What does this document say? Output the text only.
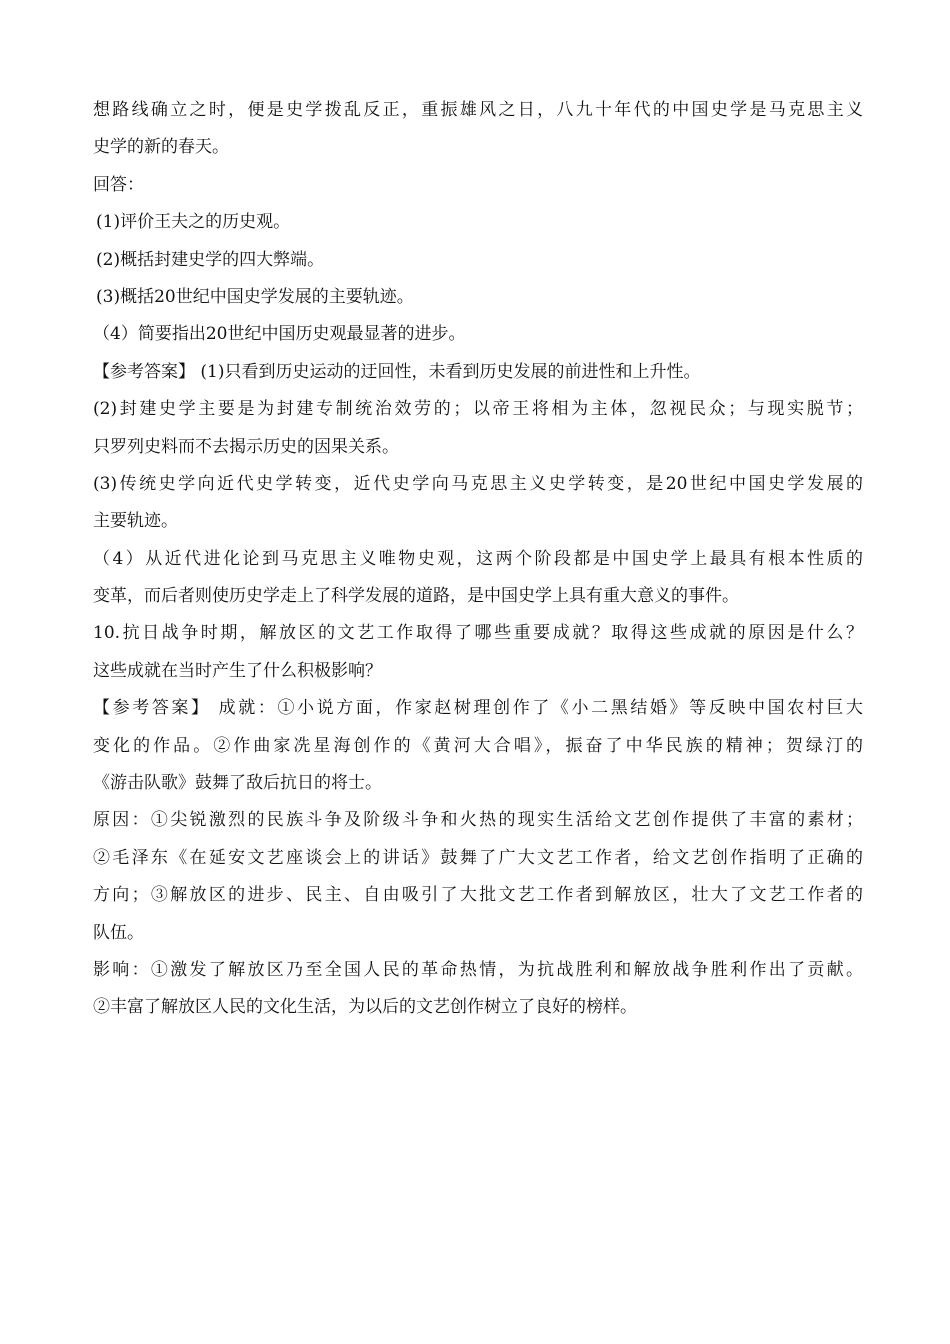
想路线确立之时，便是史学拨乱反正，重振雄风之日，八九十年代的中国史学是马克思主义
史学的新的春天。
回答：
(1)评价王夫之的历史观。
(2)概括封建史学的四大弊端。
(3)概括20世纪中国史学发展的主要轨迹。
（4）简要指出20世纪中国历史观最显著的进步。
【参考答案】 (1)只看到历史运动的迂回性，未看到历史发展的前进性和上升性。
(2)封建史学主要是为封建专制统治效劳的；以帝王将相为主体，忽视民众；与现实脱节；
只罗列史料而不去揭示历史的因果关系。
(3)传统史学向近代史学转变，近代史学向马克思主义史学转变，是20世纪中国史学发展的
主要轨迹。
（4）从近代进化论到马克思主义唯物史观，这两个阶段都是中国史学上最具有根本性质的
变革，而后者则使历史学走上了科学发展的道路，是中国史学上具有重大意义的事件。
10.抗日战争时期，解放区的文艺工作取得了哪些重要成就？取得这些成就的原因是什么？
这些成就在当时产生了什么积极影响？
【参考答案】 成就：①小说方面，作家赵树理创作了《小二黑结婚》等反映中国农村巨大
变化的作品。②作曲家冼星海创作的《黄河大合唱》，振奋了中华民族的精神；贺绿汀的
《游击队歌》鼓舞了敌后抗日的将士。
原因：①尖锐激烈的民族斗争及阶级斗争和火热的现实生活给文艺创作提供了丰富的素材；
②毛泽东《在延安文艺座谈会上的讲话》鼓舞了广大文艺工作者，给文艺创作指明了正确的
方向；③解放区的进步、民主、自由吸引了大批文艺工作者到解放区，壮大了文艺工作者的
队伍。
影响：①激发了解放区乃至全国人民的革命热情，为抗战胜利和解放战争胜利作出了贡献。
②丰富了解放区人民的文化生活，为以后的文艺创作树立了良好的榜样。
